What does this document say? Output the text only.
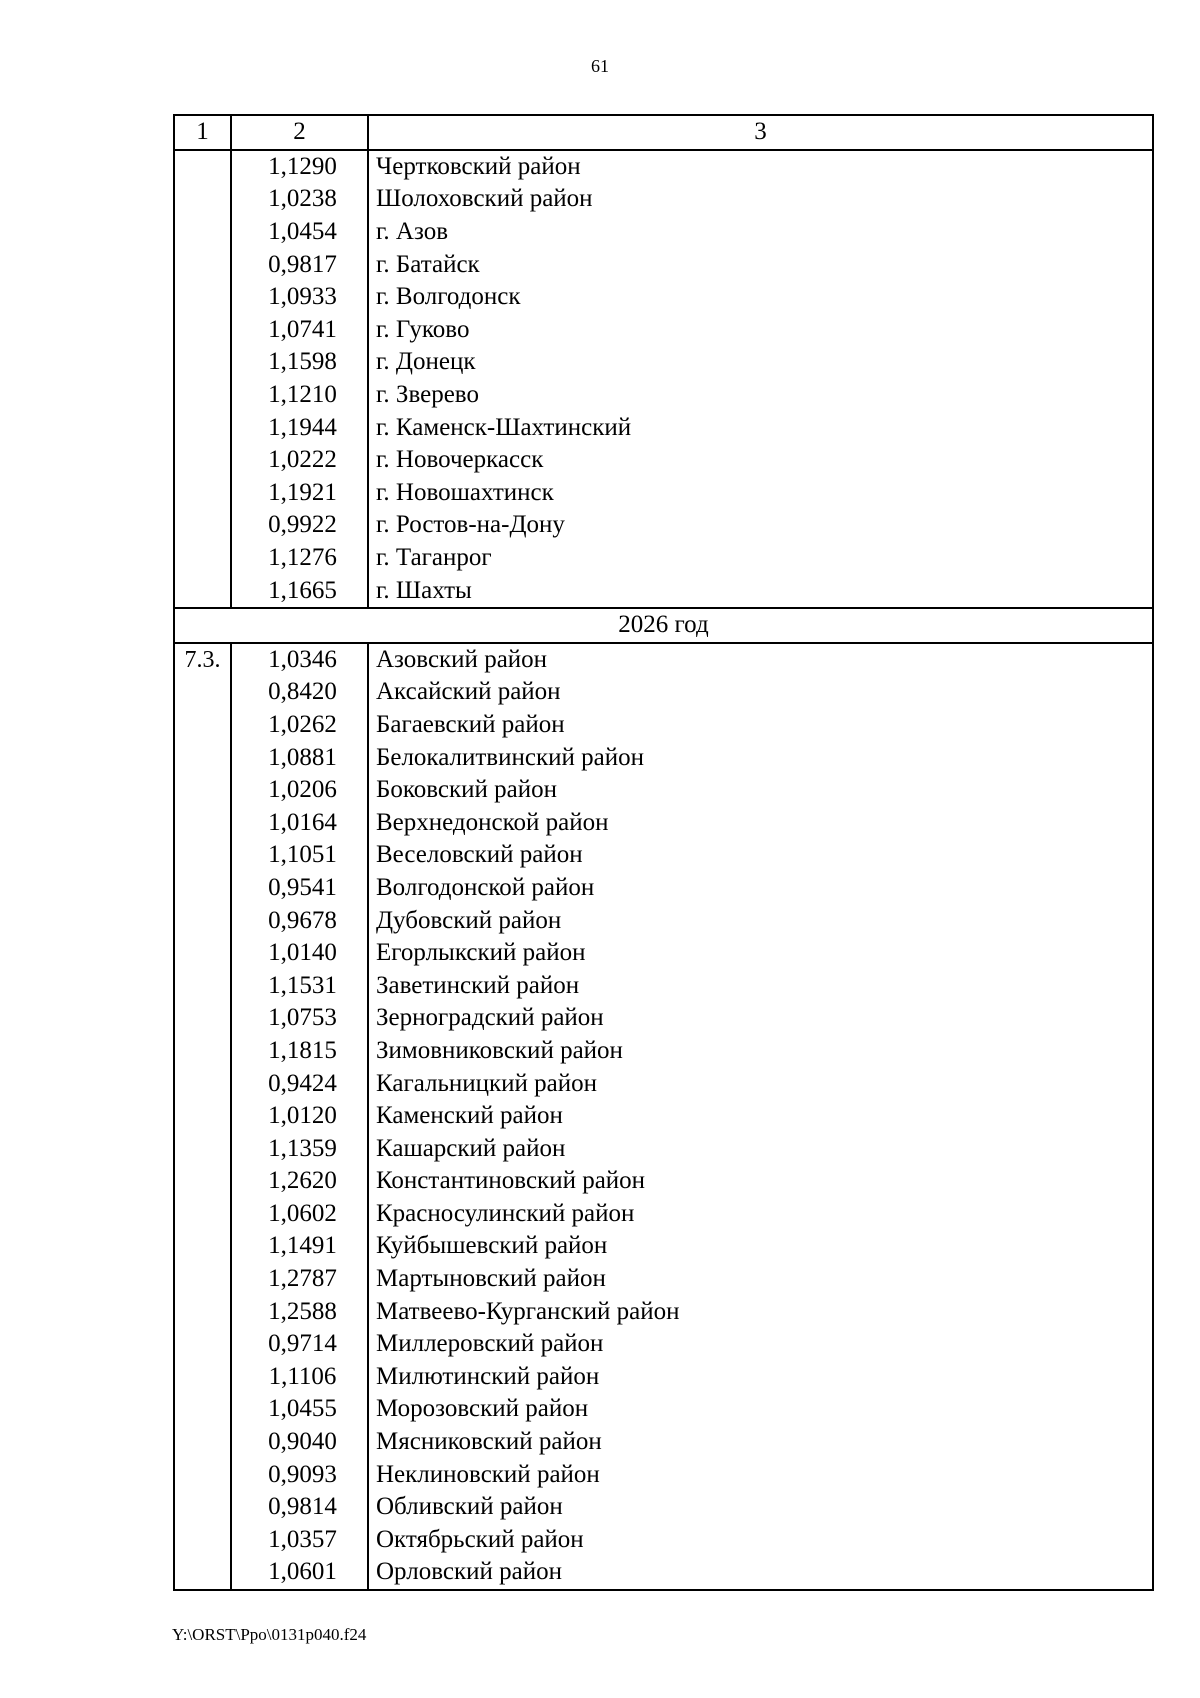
61
1	2	3
	1,1290	Чертковский район
	1,0238	Шолоховский район
	1,0454	г. Азов
	0,9817	г. Батайск
	1,0933	г. Волгодонск
	1,0741	г. Гуково
	1,1598	г. Донецк
	1,1210	г. Зверево
	1,1944	г. Каменск-Шахтинский
	1,0222	г. Новочеркасск
	1,1921	г. Новошахтинск
	0,9922	г. Ростов-на-Дону
	1,1276	г. Таганрог
	1,1665	г. Шахты
2026 год		
7.3.	1,0346	Азовский район
	0,8420	Аксайский район
	1,0262	Багаевский район
	1,0881	Белокалитвинский район
	1,0206	Боковский район
	1,0164	Верхнедонской район
	1,1051	Веселовский район
	0,9541	Волгодонской район
	0,9678	Дубовский район
	1,0140	Егорлыкский район
	1,1531	Заветинский район
	1,0753	Зерноградский район
	1,1815	Зимовниковский район
	0,9424	Кагальницкий район
	1,0120	Каменский район
	1,1359	Кашарский район
	1,2620	Константиновский район
	1,0602	Красносулинский район
	1,1491	Куйбышевский район
	1,2787	Мартыновский район
	1,2588	Матвеево-Курганский район
	0,9714	Миллеровский район
	1,1106	Милютинский район
	1,0455	Морозовский район
	0,9040	Мясниковский район
	0,9093	Неклиновский район
	0,9814	Обливский район
	1,0357	Октябрьский район
	1,0601	Орловский район
Y:\ORST\Ppo\0131p040.f24
